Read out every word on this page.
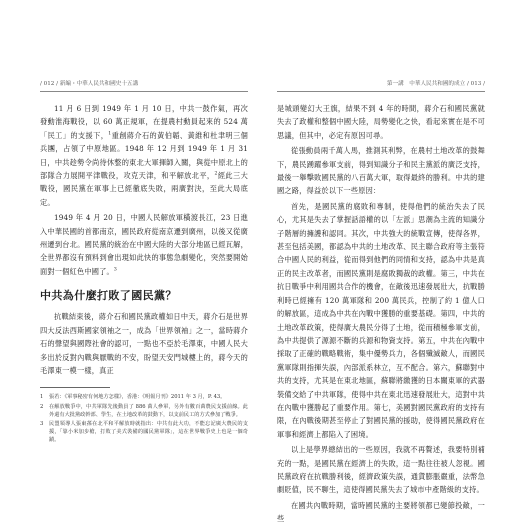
/ 012 / 新編・中華人民共和國史十五講

11 月 6 日到 1949 年 1 月 10 日，中共一鼓作氣，再次發動淮海戰役，以 60 萬正規軍，在提農村動員起來的 524 萬「民工」的支援下，$^1$重創蔣介石的黃伯韜、黃維和杜聿明三個兵團，占領了中原地區。1948 年 12 月到 1949 年 1 月 31 日，中共趁勢令尚待休整的東北大軍揮師入關，與從中原北上的部隊合力展開平津戰役，攻克天津，和平解放北平，$^2$經此三大戰役，國民黨在軍事上已經徹底失敗，兩廣對決，至此大局底定。

1949 年 4 月 20 日，中國人民解放軍橫渡長江，23 日進入中華民國的首都南京，國民政府從南京遷到廣州，以後又從廣州遷到台北。國民黨的統治在中國大陸的大部分地區已經瓦解，全世界都沒有預料到會出現如此快的事態急劇變化，突然要開始面對一個紅色中國了。$^3$

中共為什麼打敗了國民黨？

抗戰結束後，蔣介石和國民黨政權如日中天，蔣介石是世界四大反法西斯國家領袖之一，成為「世界領袖」之一，當時蔣介石的聲望與國際社會的認可，一點也不亞於毛澤東，中國人民大多出於反對內戰與厭戰的不安，盼望天安門城樓上的，蔣今天的毛澤東一模一樣，真正

1	張若：《軍事秘密有何地方怎樣》，香港：《明報月刊》2011 年 3 月，P. 43。
2	在解放戰爭中，中共軍隊先後動員了 886 萬人參軍，另外有數百萬農民支援前線。此外還有大批黨政幹部、學生，在土地改革的鼓動下，以支前民工的方式參加了戰爭。
3	民盟領導人張東蓀在北平和平解放時就指出：中共有此大功，不能忘記廣大農民的支援，「靠小米加步槍，打敗了美式裝備的國民黨軍隊」，這在世界戰爭史上也是一個奇蹟。
第一講　中華人民共和國的成立 / 013 /

是城頭變幻大王旗，結果不到 4 年的時間，蔣介石和國民黨就失去了政權和整個中國大陸，局勢變化之快，看起來實在是不可思議，但其中，必定有原因可尋。

從張動員兩千萬人馬，推測其利弊，在農村土地改革的鼓舞下，農民踴躍參軍支前，得到知識分子和民主黨派的廣泛支持，最後一舉擊敗國民黨的八百萬大軍，取得最終的勝利。中共的建國之路，得益於以下一些原因：

首先，是國民黨的腐敗和專制，使得他們的統治失去了民心，尤其是失去了掌握話語權的以「左派」思潮為主流的知識分子階層的擁護和認同。其次，中共強大的統戰宣傳，使得各界，甚至包括美國，都認為中共的土地改革、民主聯合政府等主張符合中國人民的利益，從而得到他們的同情和支持，認為中共是真正的民主改革者，而國民黨則是腐敗獨裁的政權。第三，中共在抗日戰爭中利用國共合作的機會，在敵後迅速發展壯大，抗戰勝利時已經擁有 120 萬軍隊和 200 萬民兵，控制了約 1 億人口的解放區，這成為中共在內戰中獲勝的重要基礎。第四，中共的土地改革政策，使得廣大農民分得了土地，從而積極參軍支前，為中共提供了源源不斷的兵源和物資支持。第五，中共在內戰中採取了正確的戰略戰術，集中優勢兵力，各個殲滅敵人，而國民黨軍隊則指揮失誤，內部派系林立，互不配合。第六，蘇聯對中共的支持，尤其是在東北地區，蘇聯將繳獲的日本關東軍的武器裝備交給了中共軍隊，使得中共在東北迅速發展壯大，這對中共在內戰中獲勝起了重要作用。第七，美國對國民黨政府的支持有限，在內戰後期甚至停止了對國民黨的援助，使得國民黨政府在軍事和經濟上都陷入了困境。

以上是學界總結出的一些原因，我就不再贅述，我要特別補充的一點，是國民黨在經濟上的失敗，這一點往往被人忽視。國民黨政府在抗戰勝利後，經濟政策失誤，通貨膨脹嚴重，法幣急劇貶值，民不聊生，這使得國民黨失去了城市中產階級的支持。

在國共內戰時期，當時國民黨的主要將領都已變節投敵，一些
